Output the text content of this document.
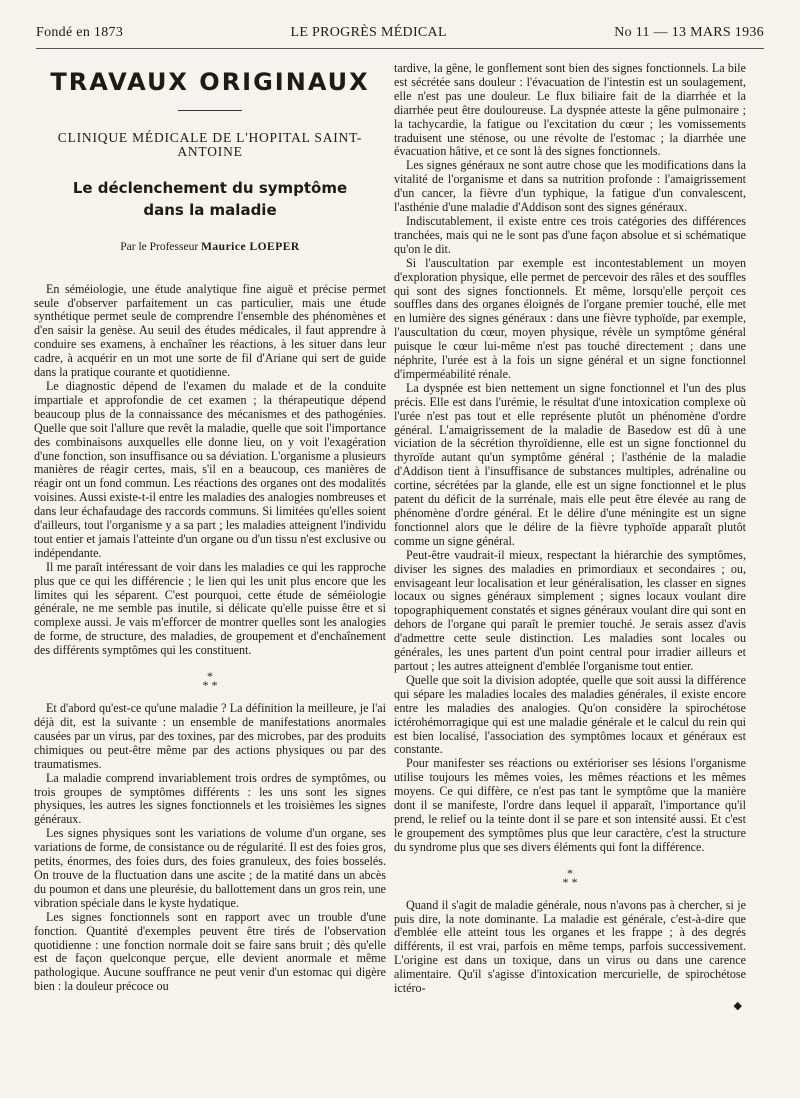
Fondé en 1873	LE PROGRÈS MÉDICAL	No 11 — 13 MARS 1936
TRAVAUX ORIGINAUX
CLINIQUE MÉDICALE DE L'HOPITAL SAINT-ANTOINE
Le déclenchement du symptôme
dans la maladie
Par le Professeur Maurice LOEPER

En séméiologie, une étude analytique fine aiguë et précise permet seule d'observer parfaitement un cas particulier, mais une étude synthétique permet seule de comprendre l'ensemble des phénomènes et d'en saisir la genèse. Au seuil des études médicales, il faut apprendre à conduire ses examens, à enchaîner les réactions, à les situer dans leur cadre, à acquérir en un mot une sorte de fil d'Ariane qui sert de guide dans la pratique courante et quotidienne.

Le diagnostic dépend de l'examen du malade et de la conduite impartiale et approfondie de cet examen ; la thérapeutique dépend beaucoup plus de la connaissance des mécanismes et des pathogénies. Quelle que soit l'allure que revêt la maladie, quelle que soit l'importance des combinaisons auxquelles elle donne lieu, on y voit l'exagération d'une fonction, son insuffisance ou sa déviation. L'organisme a plusieurs manières de réagir certes, mais, s'il en a beaucoup, ces manières de réagir ont un fond commun. Les réactions des organes ont des modalités voisines. Aussi existe-t-il entre les maladies des analogies nombreuses et dans leur échafaudage des raccords communs. Si limitées qu'elles soient d'ailleurs, tout l'organisme y a sa part ; les maladies atteignent l'individu tout entier et jamais l'atteinte d'un organe ou d'un tissu n'est exclusive ou indépendante.

Il me paraît intéressant de voir dans les maladies ce qui les rapproche plus que ce qui les différencie ; le lien qui les unit plus encore que les limites qui les séparent. C'est pourquoi, cette étude de séméiologie générale, ne me semble pas inutile, si délicate qu'elle puisse être et si complexe aussi. Je vais m'efforcer de montrer quelles sont les analogies de forme, de structure, des maladies, de groupement et d'enchaînement des différents symptômes qui les constituent.

*
* *

Et d'abord qu'est-ce qu'une maladie ? La définition la meilleure, je l'ai déjà dit, est la suivante : un ensemble de manifestations anormales causées par un virus, par des toxines, par des microbes, par des produits chimiques ou peut-être même par des actions physiques ou par des traumatismes.

La maladie comprend invariablement trois ordres de symptômes, ou trois groupes de symptômes différents : les uns sont les signes physiques, les autres les signes fonctionnels et les troisièmes les signes généraux.

Les signes physiques sont les variations de volume d'un organe, ses variations de forme, de consistance ou de régularité. Il est des foies gros, petits, énormes, des foies durs, des foies granuleux, des foies bosselés. On trouve de la fluctuation dans une ascite ; de la matité dans un abcès du poumon et dans une pleurésie, du ballottement dans un gros rein, une vibration spéciale dans le kyste hydatique.

Les signes fonctionnels sont en rapport avec un trouble d'une fonction. Quantité d'exemples peuvent être tirés de l'observation quotidienne : une fonction normale doit se faire sans bruit ; dès qu'elle est de façon quelconque perçue, elle devient anormale et même pathologique. Aucune souffrance ne peut venir d'un estomac qui digère bien : la douleur précoce ou

tardive, la gêne, le gonflement sont bien des signes fonctionnels. La bile est sécrétée sans douleur : l'évacuation de l'intestin est un soulagement, elle n'est pas une douleur. Le flux biliaire fait de la diarrhée et la diarrhée peut être douloureuse. La dyspnée atteste la gêne pulmonaire ; la tachycardie, la fatigue ou l'excitation du cœur ; les vomissements traduisent une sténose, ou une révolte de l'estomac ; la diarrhée une évacuation hâtive, et ce sont là des signes fonctionnels.

Les signes généraux ne sont autre chose que les modifications dans la vitalité de l'organisme et dans sa nutrition profonde : l'amaigrissement d'un cancer, la fièvre d'un typhique, la fatigue d'un convalescent, l'asthénie d'une maladie d'Addison sont des signes généraux.

Indiscutablement, il existe entre ces trois catégories des différences tranchées, mais qui ne le sont pas d'une façon absolue et si schématique qu'on le dit.

Si l'auscultation par exemple est incontestablement un moyen d'exploration physique, elle permet de percevoir des râles et des souffles qui sont des signes fonctionnels. Et même, lorsqu'elle perçoit ces souffles dans des organes éloignés de l'organe premier touché, elle met en lumière des signes généraux : dans une fièvre typhoïde, par exemple, l'auscultation du cœur, moyen physique, révèle un symptôme général puisque le cœur lui-même n'est pas touché directement ; dans une néphrite, l'urée est à la fois un signe général et un signe fonctionnel d'imperméabilité rénale.

La dyspnée est bien nettement un signe fonctionnel et l'un des plus précis. Elle est dans l'urémie, le résultat d'une intoxication complexe où l'urée n'est pas tout et elle représente plutôt un phénomène d'ordre général. L'amaigrissement de la maladie de Basedow est dû à une viciation de la sécrétion thyroïdienne, elle est un signe fonctionnel du thyroïde autant qu'un symptôme général ; l'asthénie de la maladie d'Addison tient à l'insuffisance de substances multiples, adrénaline ou cortine, sécrétées par la glande, elle est un signe fonctionnel et le plus patent du déficit de la surrénale, mais elle peut être élevée au rang de phénomène d'ordre général. Et le délire d'une méningite est un signe fonctionnel alors que le délire de la fièvre typhoïde apparaît plutôt comme un signe général.

Peut-être vaudrait-il mieux, respectant la hiérarchie des symptômes, diviser les signes des maladies en primordiaux et secondaires ; ou, envisageant leur localisation et leur généralisation, les classer en signes locaux ou signes généraux simplement ; signes locaux voulant dire topographiquement constatés et signes généraux voulant dire qui sont en dehors de l'organe qui paraît le premier touché. Je serais assez d'avis d'admettre cette seule distinction. Les maladies sont locales ou générales, les unes partent d'un point central pour irradier ailleurs et partout ; les autres atteignent d'emblée l'organisme tout entier.

Quelle que soit la division adoptée, quelle que soit aussi la différence qui sépare les maladies locales des maladies générales, il existe encore entre les maladies des analogies. Qu'on considère la spirochétose ictérohémorragique qui est une maladie générale et le calcul du rein qui est bien localisé, l'association des symptômes locaux et généraux est constante.

Pour manifester ses réactions ou extérioriser ses lésions l'organisme utilise toujours les mêmes voies, les mêmes réactions et les mêmes moyens. Ce qui diffère, ce n'est pas tant le symptôme que la manière dont il se manifeste, l'ordre dans lequel il apparaît, l'importance qu'il prend, le relief ou la teinte dont il se pare et son intensité aussi. Et c'est le groupement des symptômes plus que leur caractère, c'est la structure du syndrome plus que ses divers éléments qui font la différence.

*
* *

Quand il s'agit de maladie générale, nous n'avons pas à chercher, si je puis dire, la note dominante. La maladie est générale, c'est-à-dire que d'emblée elle atteint tous les organes et les frappe ; à des degrés différents, il est vrai, parfois en même temps, parfois successivement. L'origine est dans un toxique, dans un virus ou dans une carence alimentaire. Qu'il s'agisse d'intoxication mercurielle, de spirochétose ictéro-

◆
